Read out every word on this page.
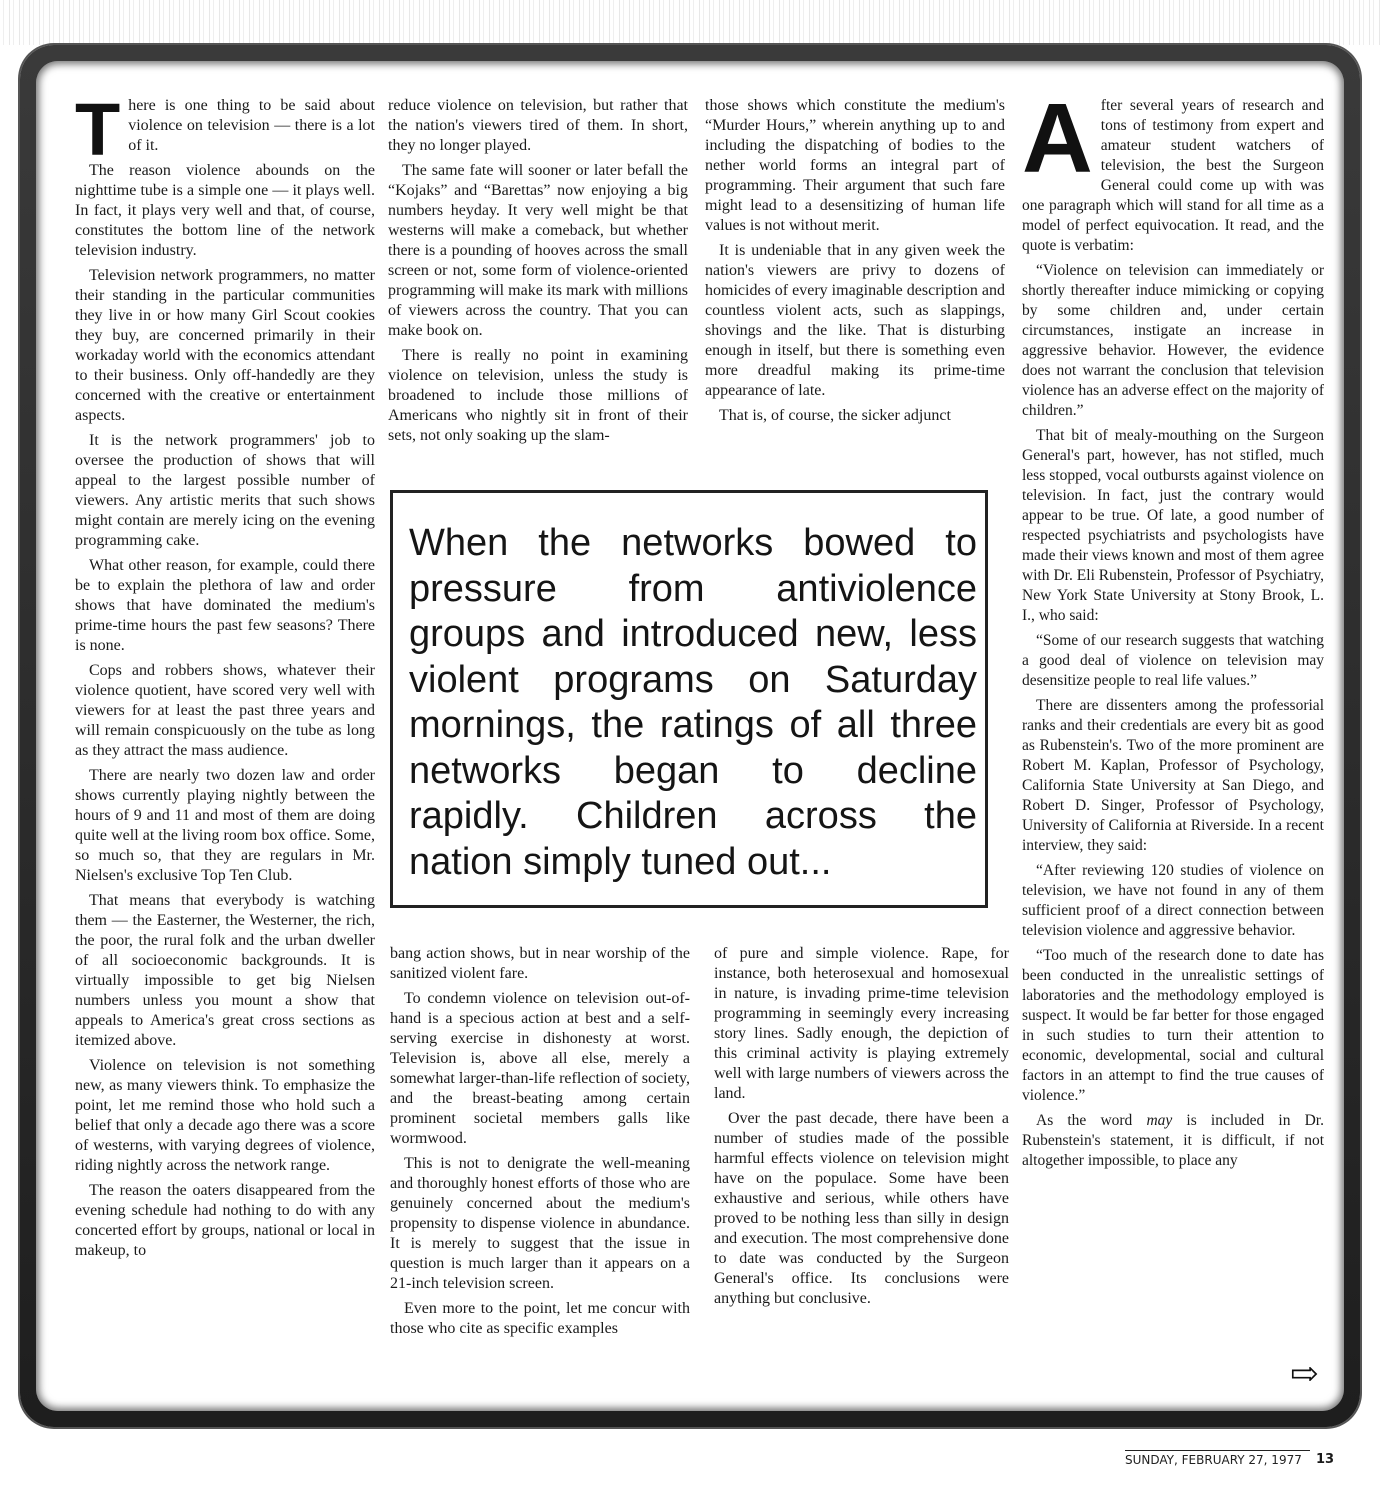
There is one thing to be said about violence on television — there is a lot of it.

The reason violence abounds on the nighttime tube is a simple one — it plays well. In fact, it plays very well and that, of course, constitutes the bottom line of the network television industry.

Television network programmers, no matter their standing in the particular communities they live in or how many Girl Scout cookies they buy, are concerned primarily in their workaday world with the economics attendant to their business. Only off-handedly are they concerned with the creative or entertainment aspects.

It is the network programmers' job to oversee the production of shows that will appeal to the largest possible number of viewers. Any artistic merits that such shows might contain are merely icing on the evening programming cake.

What other reason, for example, could there be to explain the plethora of law and order shows that have dominated the medium's prime-time hours the past few seasons? There is none.

Cops and robbers shows, whatever their violence quotient, have scored very well with viewers for at least the past three years and will remain conspicuously on the tube as long as they attract the mass audience.

There are nearly two dozen law and order shows currently playing nightly between the hours of 9 and 11 and most of them are doing quite well at the living room box office. Some, so much so, that they are regulars in Mr. Nielsen's exclusive Top Ten Club.

That means that everybody is watching them — the Easterner, the Westerner, the rich, the poor, the rural folk and the urban dweller of all socioeconomic backgrounds. It is virtually impossible to get big Nielsen numbers unless you mount a show that appeals to America's great cross sections as itemized above.

Violence on television is not something new, as many viewers think. To emphasize the point, let me remind those who hold such a belief that only a decade ago there was a score of westerns, with varying degrees of violence, riding nightly across the network range.

The reason the oaters disappeared from the evening schedule had nothing to do with any concerted effort by groups, national or local in makeup, to

reduce violence on television, but rather that the nation's viewers tired of them. In short, they no longer played.

The same fate will sooner or later befall the “Kojaks” and “Barettas” now enjoying a big numbers heyday. It very well might be that westerns will make a comeback, but whether there is a pounding of hooves across the small screen or not, some form of violence-oriented programming will make its mark with millions of viewers across the country. That you can make book on.

There is really no point in examining violence on television, unless the study is broadened to include those millions of Americans who nightly sit in front of their sets, not only soaking up the slam-

bang action shows, but in near worship of the sanitized violent fare.

To condemn violence on television out-of-hand is a specious action at best and a self-serving exercise in dishonesty at worst. Television is, above all else, merely a somewhat larger-than-life reflection of society, and the breast-beating among certain prominent societal members galls like wormwood.

This is not to denigrate the well-meaning and thoroughly honest efforts of those who are genuinely concerned about the medium's propensity to dispense violence in abundance. It is merely to suggest that the issue in question is much larger than it appears on a 21-inch television screen.

Even more to the point, let me concur with those who cite as specific examples

those shows which constitute the medium's “Murder Hours,” wherein anything up to and including the dispatching of bodies to the nether world forms an integral part of programming. Their argument that such fare might lead to a desensitizing of human life values is not without merit.

It is undeniable that in any given week the nation's viewers are privy to dozens of homicides of every imaginable description and countless violent acts, such as slappings, shovings and the like. That is disturbing enough in itself, but there is something even more dreadful making its prime-time appearance of late.

That is, of course, the sicker adjunct

of pure and simple violence. Rape, for instance, both heterosexual and homosexual in nature, is invading prime-time television programming in seemingly every increasing story lines. Sadly enough, the depiction of this criminal activity is playing extremely well with large numbers of viewers across the land.

Over the past decade, there have been a number of studies made of the possible harmful effects violence on television might have on the populace. Some have been exhaustive and serious, while others have proved to be nothing less than silly in design and execution. The most comprehensive done to date was conducted by the Surgeon General's office. Its conclusions were anything but conclusive.

After several years of research and tons of testimony from expert and amateur student watchers of television, the best the Surgeon General could come up with was one paragraph which will stand for all time as a model of perfect equivocation. It read, and the quote is verbatim:

“Violence on television can immediately or shortly thereafter induce mimicking or copying by some children and, under certain circumstances, instigate an increase in aggressive behavior. However, the evidence does not warrant the conclusion that television violence has an adverse effect on the majority of children.”

That bit of mealy-mouthing on the Surgeon General's part, however, has not stifled, much less stopped, vocal outbursts against violence on television. In fact, just the contrary would appear to be true. Of late, a good number of respected psychiatrists and psychologists have made their views known and most of them agree with Dr. Eli Rubenstein, Professor of Psychiatry, New York State University at Stony Brook, L. I., who said:

“Some of our research suggests that watching a good deal of violence on television may desensitize people to real life values.”

There are dissenters among the professorial ranks and their credentials are every bit as good as Rubenstein's. Two of the more prominent are Robert M. Kaplan, Professor of Psychology, California State University at San Diego, and Robert D. Singer, Professor of Psychology, University of California at Riverside. In a recent interview, they said:

“After reviewing 120 studies of violence on television, we have not found in any of them sufficient proof of a direct connection between television violence and aggressive behavior.

“Too much of the research done to date has been conducted in the unrealistic settings of laboratories and the methodology employed is suspect. It would be far better for those engaged in such studies to turn their attention to economic, developmental, social and cultural factors in an attempt to find the true causes of violence.”

As the word may is included in Dr. Rubenstein's statement, it is difficult, if not altogether impossible, to place any

When the networks bowed to pressure from antiviolence groups and introduced new, less violent programs on Saturday mornings, the ratings of all three networks began to decline rapidly. Children across the nation simply tuned out...
⇨
SUNDAY, FEBRUARY 27, 1977	13
